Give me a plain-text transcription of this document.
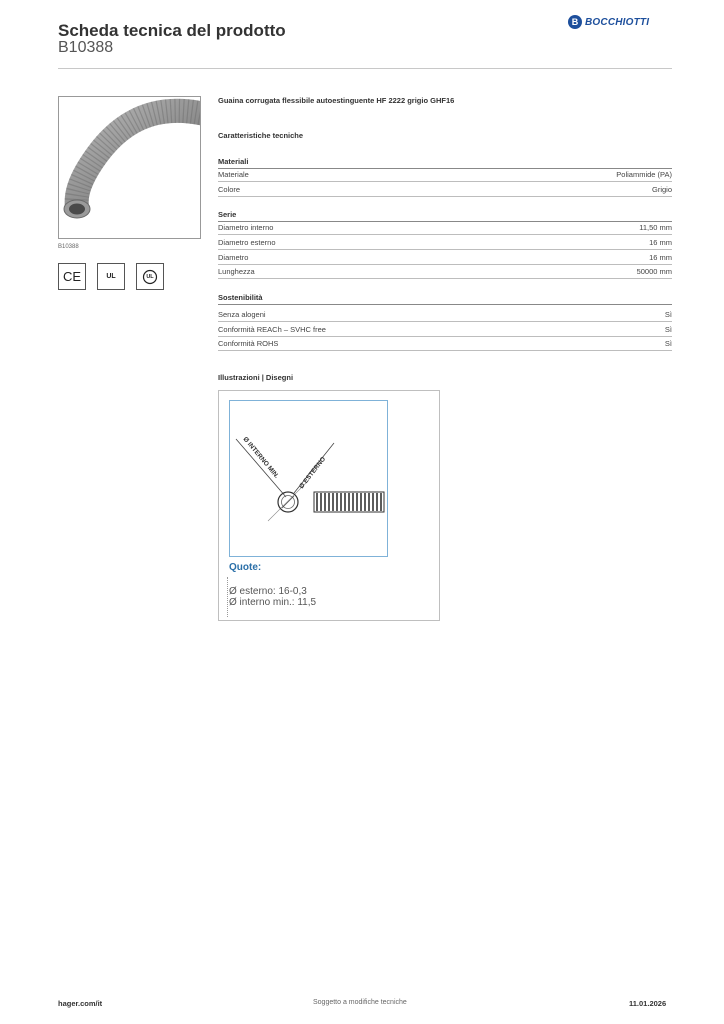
Scheda tecnica del prodotto
B10388
B BOCCHIOTTI
B10388
CE	UL	UL
Guaina corrugata flessibile autoestinguente HF 2222 grigio GHF16
Caratteristiche tecniche
Materiali
Materiale	Poliammide (PA)
Colore	Grigio
Serie
Diametro interno	11,50 mm
Diametro esterno	16 mm
Diametro	16 mm
Lunghezza	50000 mm
Sostenibilità
Senza alogeni	Sì
Conformità REACh – SVHC free	Sì
Conformità ROHS	Sì
Illustrazioni | Disegni
Ø INTERNO MIN.	Ø ESTERNO
Quote:
Ø esterno: 16-0,3
Ø interno min.: 11,5
hager.com/it	Soggetto a modifiche tecniche	11.01.2026
